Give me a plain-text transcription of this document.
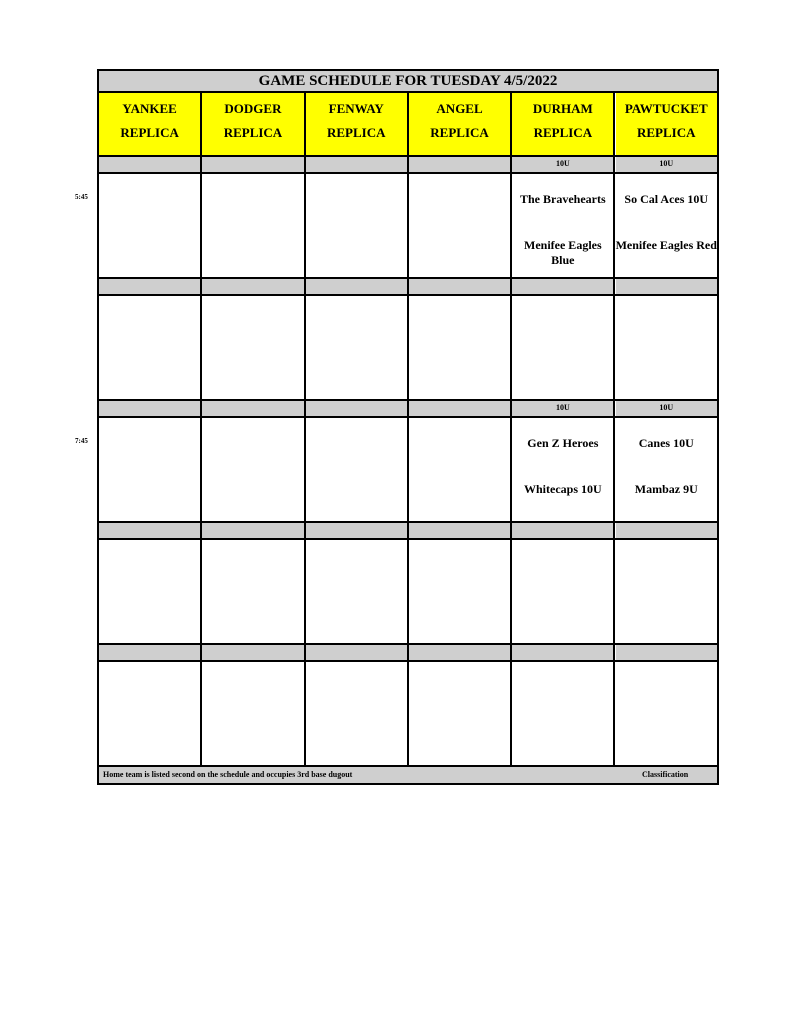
GAME SCHEDULE FOR TUESDAY 4/5/2022
YANKEE
REPLICA
DODGER
REPLICA
FENWAY
REPLICA
ANGEL
REPLICA
DURHAM
REPLICA
PAWTUCKET
REPLICA
10U
The Bravehearts
Menifee Eagles Blue
10U
So Cal Aces 10U
Menifee Eagles Red
10U
Gen Z Heroes
Whitecaps 10U
10U
Canes 10U
Mambaz 9U
Home team is listed second on the schedule and occupies 3rd base dugout	Classification
5:45
7:45
